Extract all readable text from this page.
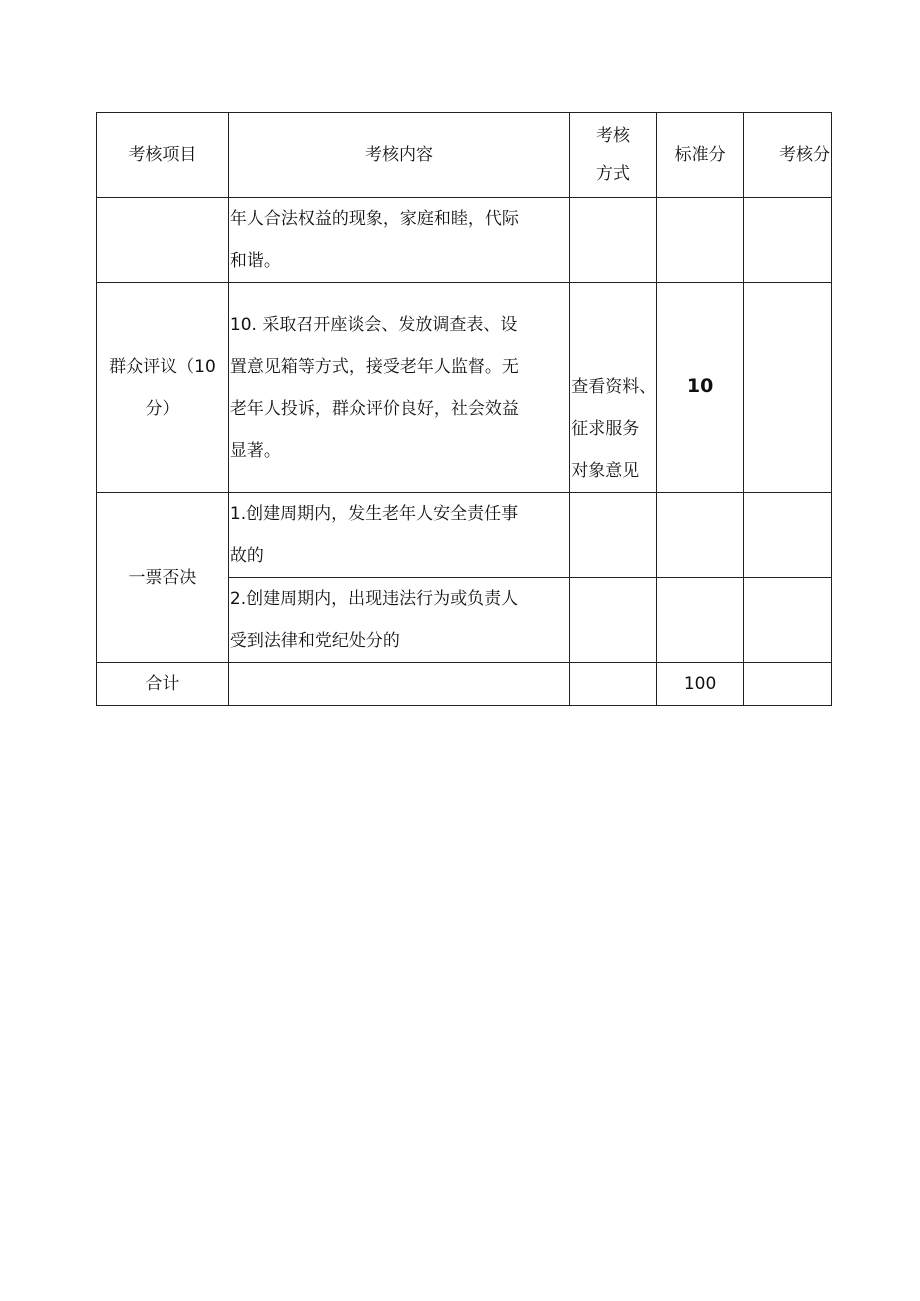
考核项目	考核内容	考核
方式	标准分	考核分

	年人合法权益的现象，家庭和睦，代际
和谐。			

群众评议（10
分）	10. 采取召开座谈会、发放调查表、设
置意见箱等方式，接受老年人监督。无
老年人投诉，群众评价良好，社会效益
显著。	查看资料、
征求服务
对象意见	10	

一票否决	1.创建周期内，发生老年人安全责任事
故的			

	2.创建周期内，出现违法行为或负责人
受到法律和党纪处分的			

合计			100	
